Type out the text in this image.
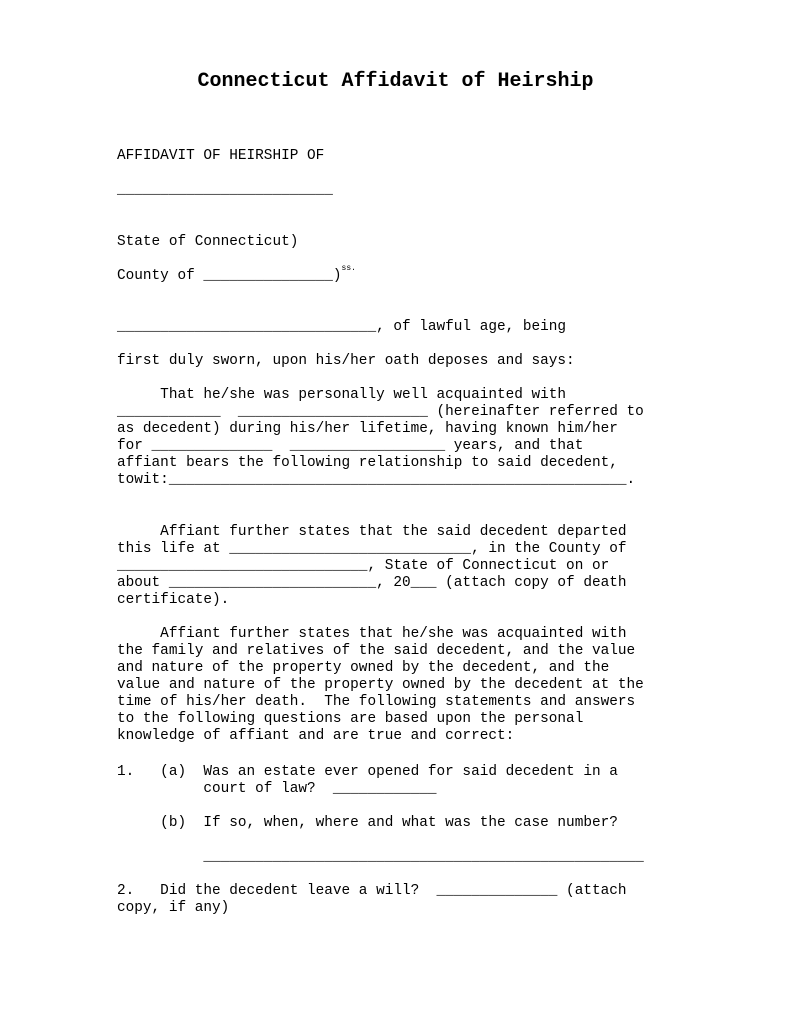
Connecticut Affidavit of Heirship
AFFIDAVIT OF HEIRSHIP OF
_________________________
State of Connecticut)
County of _______________)$^{ss.}$
______________________________, of lawful age, being
first duly sworn, upon his/her oath deposes and says:
That he/she was personally well acquainted with
____________  ______________________ (hereinafter referred to
as decedent) during his/her lifetime, having known him/her
for ______________  __________________ years, and that
affiant bears the following relationship to said decedent,
towit:_____________________________________________________.
Affiant further states that the said decedent departed
this life at ____________________________, in the County of
_____________________________, State of Connecticut on or
about ________________________, 20___ (attach copy of death
certificate).
Affiant further states that he/she was acquainted with
the family and relatives of the said decedent, and the value
and nature of the property owned by the decedent, and the
value and nature of the property owned by the decedent at the
time of his/her death.  The following statements and answers
to the following questions are based upon the personal
knowledge of affiant and are true and correct:
1.   (a)  Was an estate ever opened for said decedent in a
court of law?  ____________
(b)  If so, when, where and what was the case number?
___________________________________________________
2.   Did the decedent leave a will?  ______________ (attach
copy, if any)
